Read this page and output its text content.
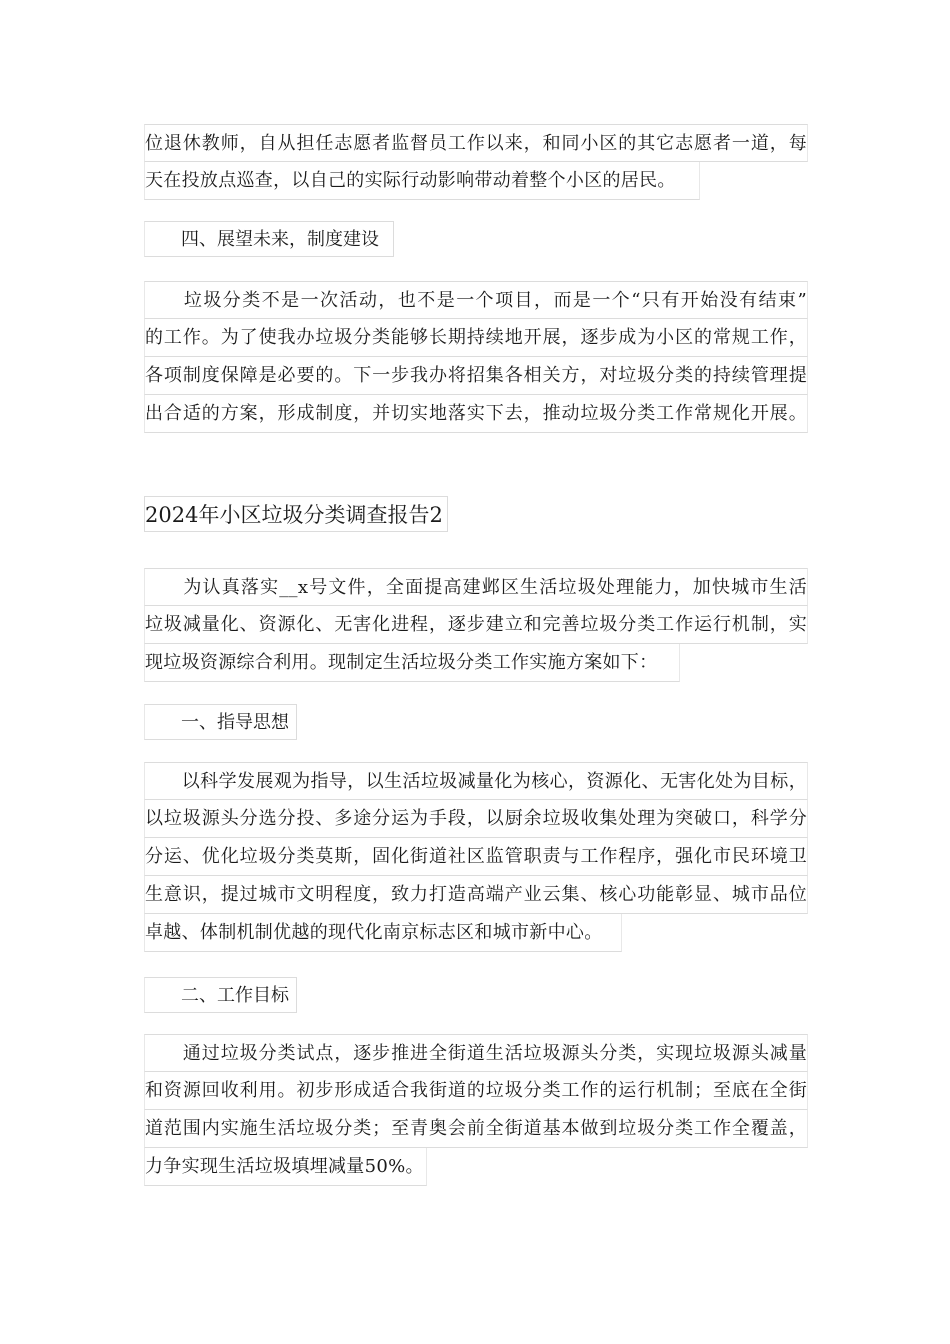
位退休教师，自从担任志愿者监督员工作以来，和同小区的其它志愿者一道，每
天在投放点巡查，以自己的实际行动影响带动着整个小区的居民。
　　四、展望未来，制度建设
　　垃圾分类不是一次活动，也不是一个项目，而是一个“只有开始没有结束”
的工作。为了使我办垃圾分类能够长期持续地开展，逐步成为小区的常规工作，
各项制度保障是必要的。下一步我办将招集各相关方，对垃圾分类的持续管理提
出合适的方案，形成制度，并切实地落实下去，推动垃圾分类工作常规化开展。
2024年小区垃圾分类调查报告2
　　为认真落实__x号文件，全面提高建邺区生活垃圾处理能力，加快城市生活
垃圾减量化、资源化、无害化进程，逐步建立和完善垃圾分类工作运行机制，实
现垃圾资源综合利用。现制定生活垃圾分类工作实施方案如下：
　　一、指导思想
　　以科学发展观为指导，以生活垃圾减量化为核心，资源化、无害化处为目标，
以垃圾源头分选分投、多途分运为手段，以厨余垃圾收集处理为突破口，科学分
分运、优化垃圾分类莫斯，固化街道社区监管职责与工作程序，强化市民环境卫
生意识，提过城市文明程度，致力打造高端产业云集、核心功能彰显、城市品位
卓越、体制机制优越的现代化南京标志区和城市新中心。
　　二、工作目标
　　通过垃圾分类试点，逐步推进全街道生活垃圾源头分类，实现垃圾源头减量
和资源回收利用。初步形成适合我街道的垃圾分类工作的运行机制；至底在全街
道范围内实施生活垃圾分类；至青奥会前全街道基本做到垃圾分类工作全覆盖，
力争实现生活垃圾填埋减量50%。
